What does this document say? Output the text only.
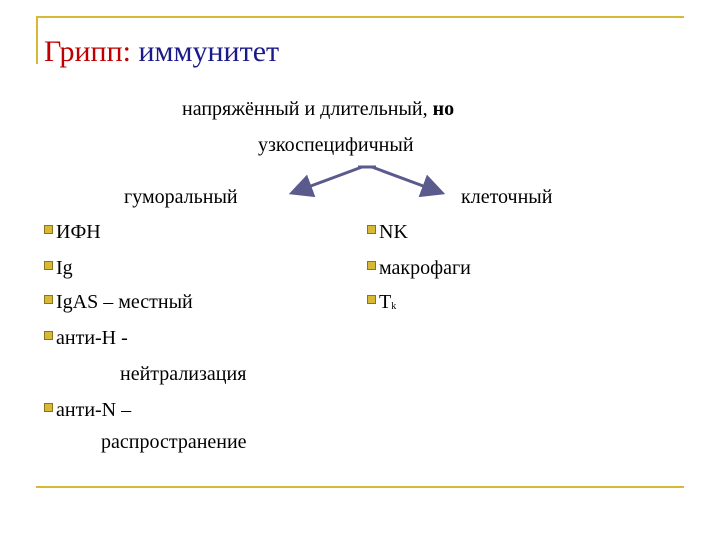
Грипп: иммунитет
напряжённый и длительный, но
узкоспецифичный
гуморальный	клеточный
ИФН
Ig
IgAS – местный
анти-Н -
нейтрализация
анти-N –
распространение
NK
макрофаги
$T_k$
